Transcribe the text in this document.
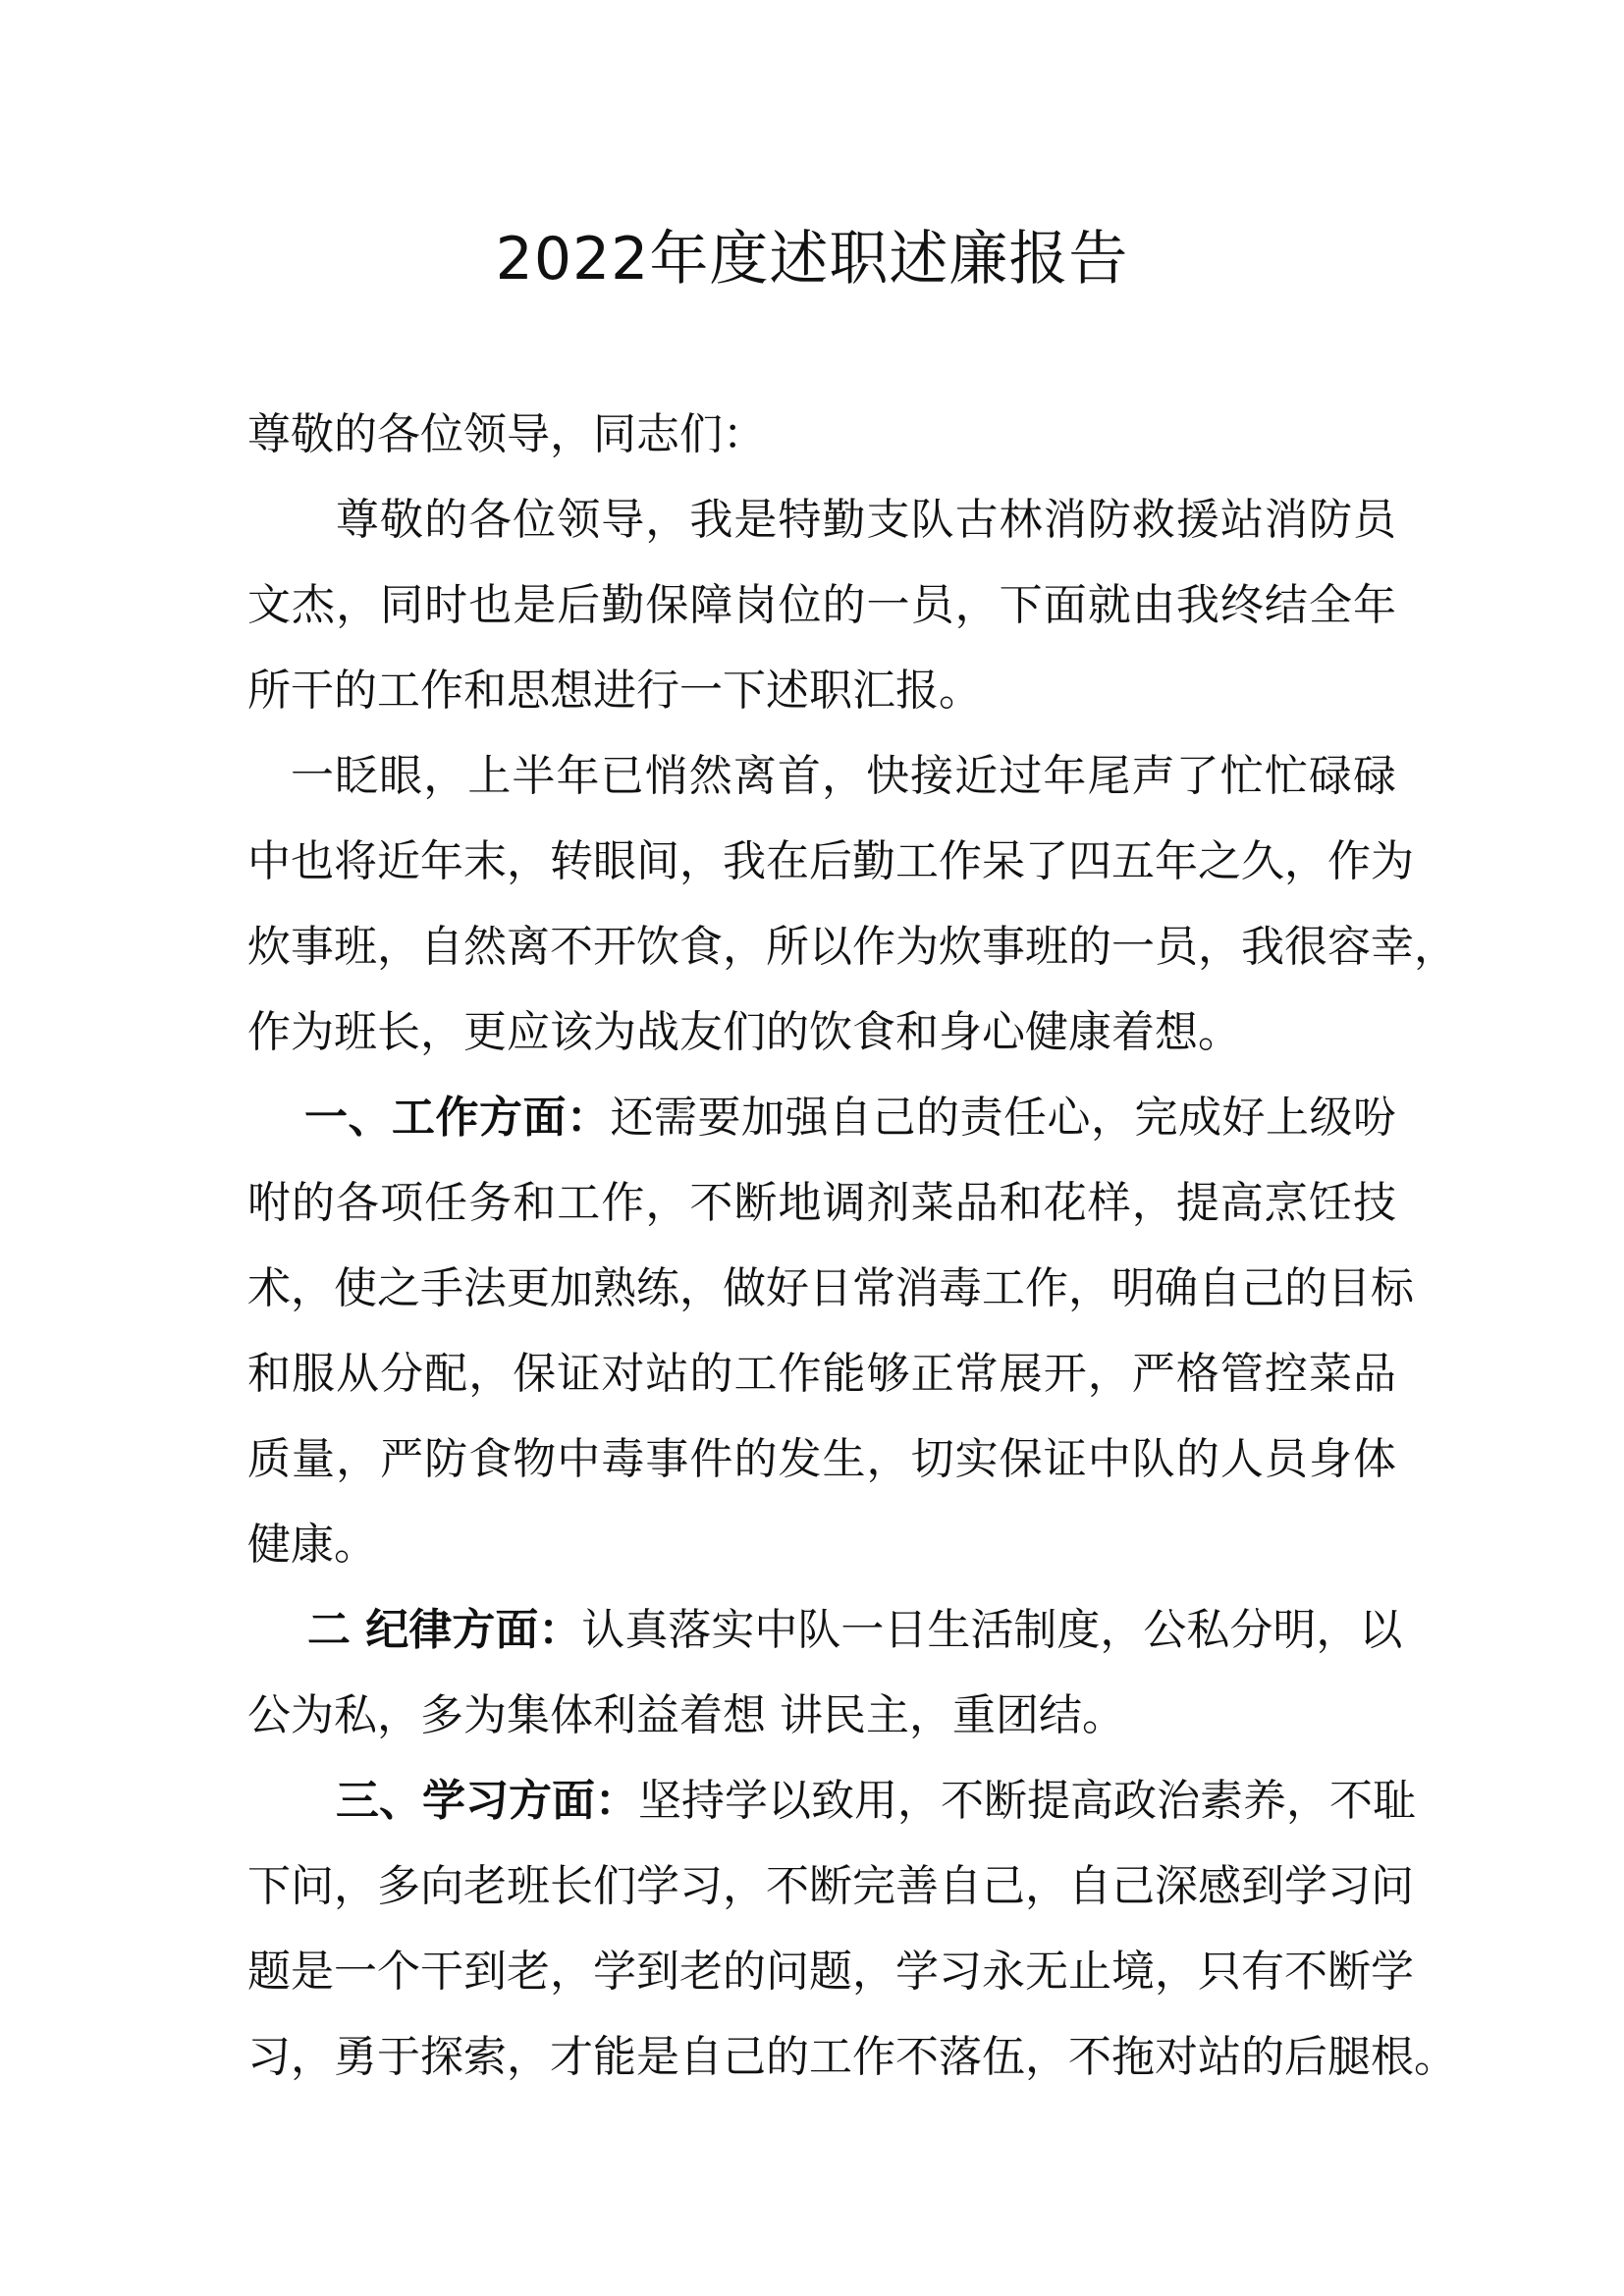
2022年度述职述廉报告
尊敬的各位领导，同志们：
尊敬的各位领导，我是特勤支队古林消防救援站消防员
文杰，同时也是后勤保障岗位的一员，下面就由我终结全年
所干的工作和思想进行一下述职汇报。
一眨眼，上半年已悄然离首，快接近过年尾声了忙忙碌碌
中也将近年末，转眼间，我在后勤工作呆了四五年之久，作为
炊事班，自然离不开饮食，所以作为炊事班的一员，我很容幸，
作为班长，更应该为战友们的饮食和身心健康着想。
一、工作方面：还需要加强自己的责任心，完成好上级吩
咐的各项任务和工作，不断地调剂菜品和花样，提高烹饪技
术，使之手法更加熟练，做好日常消毒工作，明确自己的目标
和服从分配，保证对站的工作能够正常展开，严格管控菜品
质量，严防食物中毒事件的发生，切实保证中队的人员身体
健康。
二 纪律方面：认真落实中队一日生活制度，公私分明，以
公为私，多为集体利益着想 讲民主，重团结。
三、学习方面：坚持学以致用，不断提高政治素养，不耻
下问，多向老班长们学习，不断完善自己，自己深感到学习问
题是一个干到老，学到老的问题，学习永无止境，只有不断学
习，勇于探索，才能是自己的工作不落伍，不拖对站的后腿根。
